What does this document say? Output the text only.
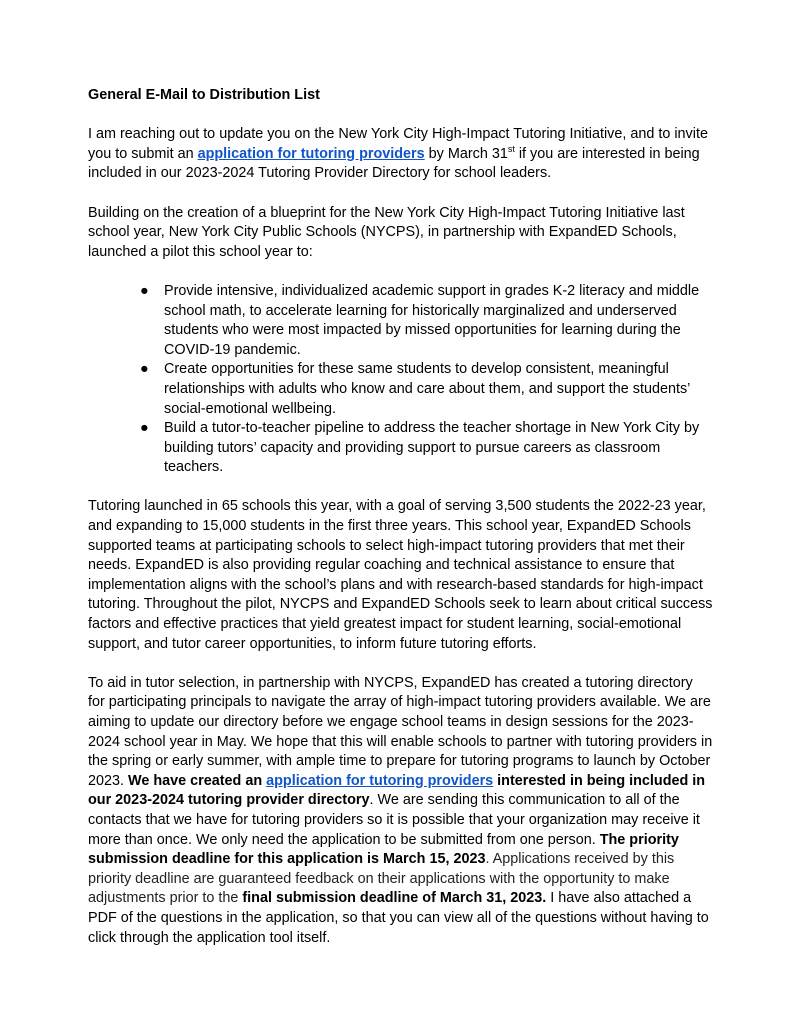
General E-Mail to Distribution List

I am reaching out to update you on the New York City High-Impact Tutoring Initiative, and to invite you to submit an application for tutoring providers by March 31st if you are interested in being included in our 2023-2024 Tutoring Provider Directory for school leaders.

Building on the creation of a blueprint for the New York City High-Impact Tutoring Initiative last school year, New York City Public Schools (NYCPS), in partnership with ExpandED Schools, launched a pilot this school year to:

● Provide intensive, individualized academic support in grades K-2 literacy and middle school math, to accelerate learning for historically marginalized and underserved students who were most impacted by missed opportunities for learning during the COVID-19 pandemic.
● Create opportunities for these same students to develop consistent, meaningful relationships with adults who know and care about them, and support the students’ social-emotional wellbeing.
● Build a tutor-to-teacher pipeline to address the teacher shortage in New York City by building tutors’ capacity and providing support to pursue careers as classroom teachers.

Tutoring launched in 65 schools this year, with a goal of serving 3,500 students the 2022-23 year, and expanding to 15,000 students in the first three years. This school year, ExpandED Schools supported teams at participating schools to select high-impact tutoring providers that met their needs. ExpandED is also providing regular coaching and technical assistance to ensure that implementation aligns with the school’s plans and with research-based standards for high-impact tutoring. Throughout the pilot, NYCPS and ExpandED Schools seek to learn about critical success factors and effective practices that yield greatest impact for student learning, social-emotional support, and tutor career opportunities, to inform future tutoring efforts.

To aid in tutor selection, in partnership with NYCPS, ExpandED has created a tutoring directory for participating principals to navigate the array of high-impact tutoring providers available. We are aiming to update our directory before we engage school teams in design sessions for the 2023-2024 school year in May. We hope that this will enable schools to partner with tutoring providers in the spring or early summer, with ample time to prepare for tutoring programs to launch by October 2023. We have created an application for tutoring providers interested in being included in our 2023-2024 tutoring provider directory. We are sending this communication to all of the contacts that we have for tutoring providers so it is possible that your organization may receive it more than once. We only need the application to be submitted from one person. The priority submission deadline for this application is March 15, 2023. Applications received by this priority deadline are guaranteed feedback on their applications with the opportunity to make adjustments prior to the final submission deadline of March 31, 2023. I have also attached a PDF of the questions in the application, so that you can view all of the questions without having to click through the application tool itself.
